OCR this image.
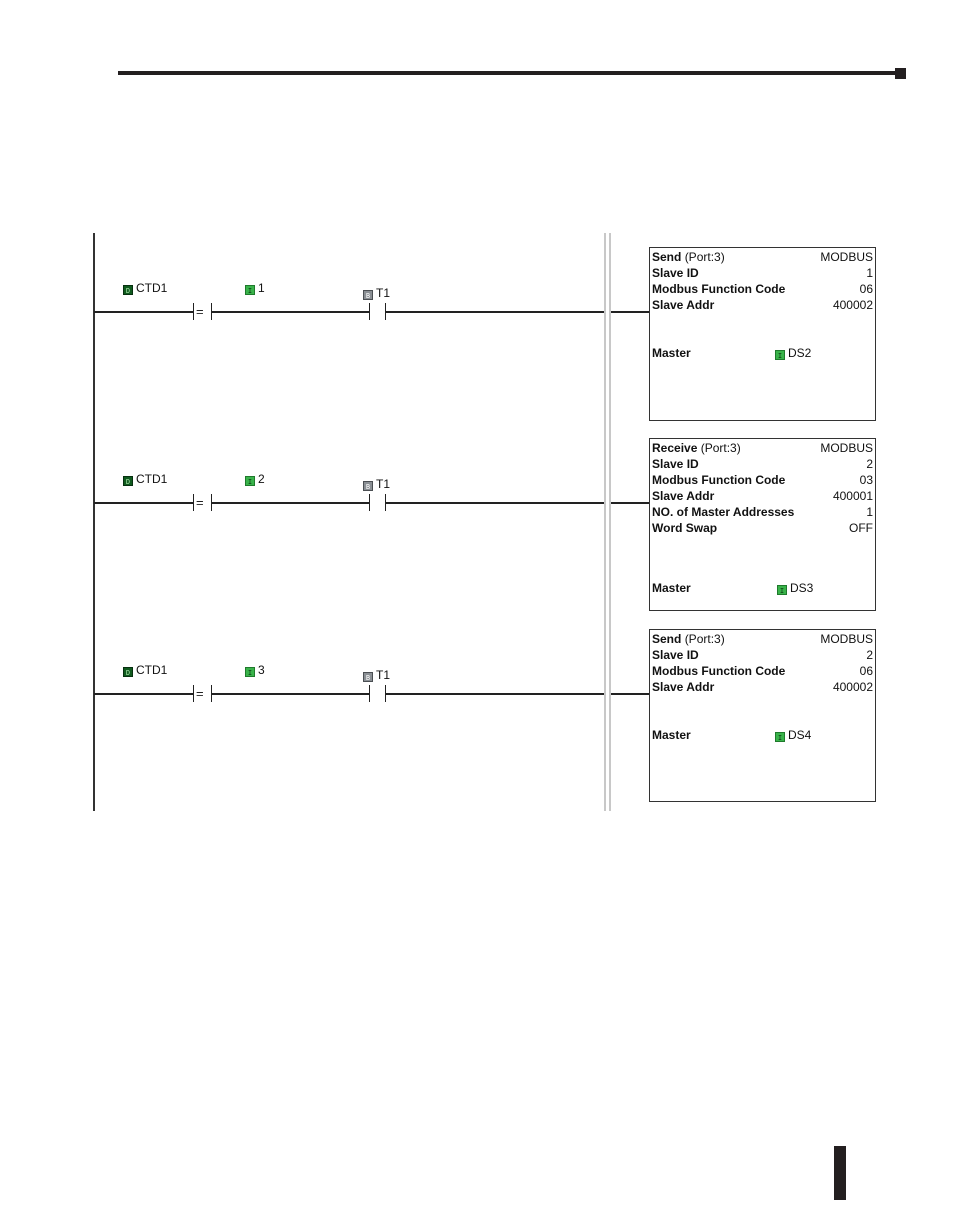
D CTD1	I 1
=
B T1
D CTD1	I 2
=
B T1
D CTD1	I 3
=
B T1
Send (Port:3)	MODBUS
Slave ID	1
Modbus Function Code	06
Slave Addr	400002
Master	I DS2
Receive (Port:3)	MODBUS
Slave ID	2
Modbus Function Code	03
Slave Addr	400001
NO. of Master Addresses	1
Word Swap	OFF
Master	I DS3
Send (Port:3)	MODBUS
Slave ID	2
Modbus Function Code	06
Slave Addr	400002
Master	I DS4
